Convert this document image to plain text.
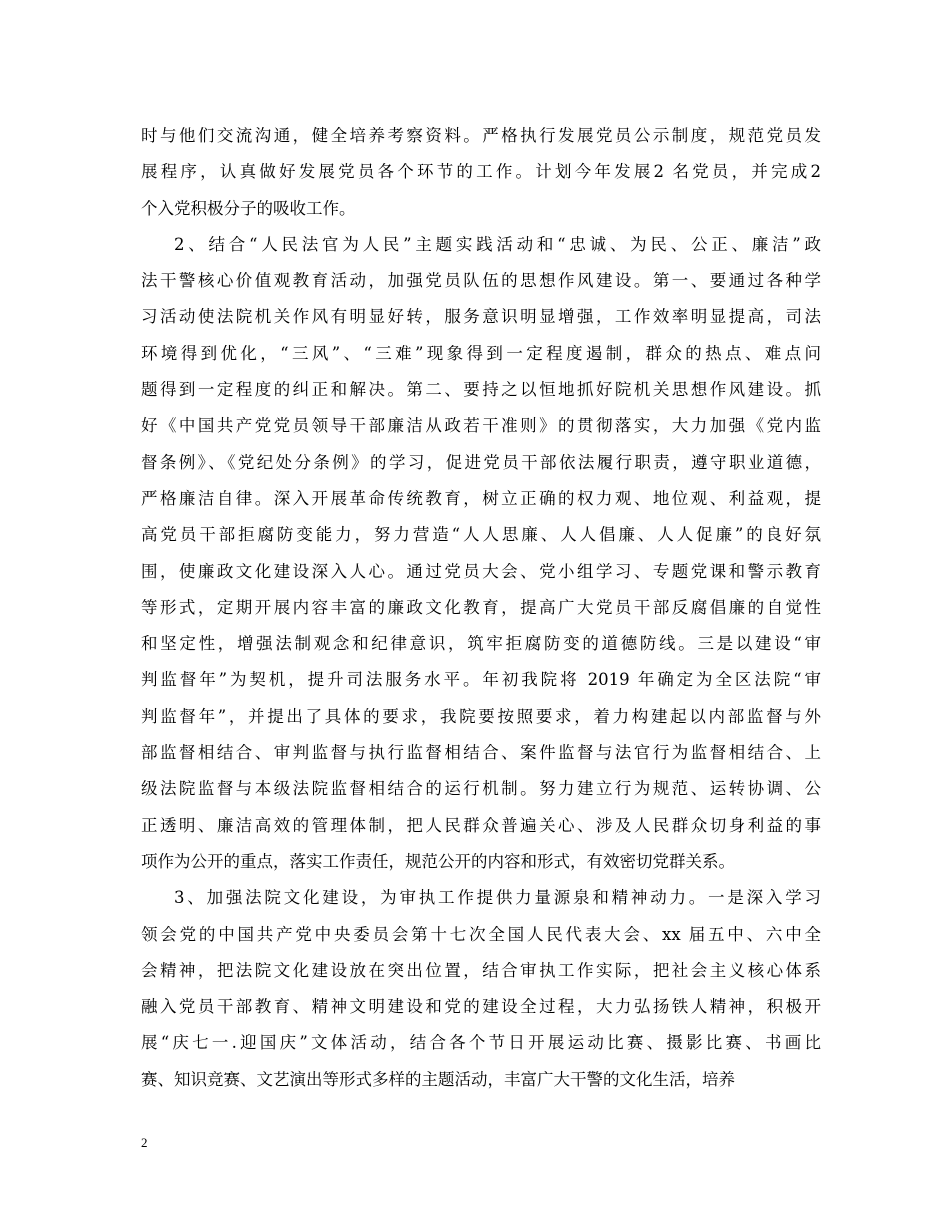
时与他们交流沟通，健全培养考察资料。严格执行发展党员公示制度，规范党员发
展程序，认真做好发展党员各个环节的工作。计划今年发展2 名党员，并完成2
个入党积极分子的吸收工作。
2、结合“人民法官为人民”主题实践活动和“忠诚、为民、公正、廉洁”政
法干警核心价值观教育活动，加强党员队伍的思想作风建设。第一、要通过各种学
习活动使法院机关作风有明显好转，服务意识明显增强，工作效率明显提高，司法
环境得到优化，“三风”、“三难”现象得到一定程度遏制，群众的热点、难点问
题得到一定程度的纠正和解决。第二、要持之以恒地抓好院机关思想作风建设。抓
好《中国共产党党员领导干部廉洁从政若干准则》的贯彻落实，大力加强《党内监
督条例》、《党纪处分条例》的学习，促进党员干部依法履行职责，遵守职业道德，
严格廉洁自律。深入开展革命传统教育，树立正确的权力观、地位观、利益观，提
高党员干部拒腐防变能力，努力营造“人人思廉、人人倡廉、人人促廉”的良好氛
围，使廉政文化建设深入人心。通过党员大会、党小组学习、专题党课和警示教育
等形式，定期开展内容丰富的廉政文化教育，提高广大党员干部反腐倡廉的自觉性
和坚定性，增强法制观念和纪律意识，筑牢拒腐防变的道德防线。三是以建设“审
判监督年”为契机，提升司法服务水平。年初我院将 2019 年确定为全区法院“审
判监督年”，并提出了具体的要求，我院要按照要求，着力构建起以内部监督与外
部监督相结合、审判监督与执行监督相结合、案件监督与法官行为监督相结合、上
级法院监督与本级法院监督相结合的运行机制。努力建立行为规范、运转协调、公
正透明、廉洁高效的管理体制，把人民群众普遍关心、涉及人民群众切身利益的事
项作为公开的重点，落实工作责任，规范公开的内容和形式，有效密切党群关系。
3、加强法院文化建设，为审执工作提供力量源泉和精神动力。一是深入学习
领会党的中国共产党中央委员会第十七次全国人民代表大会、xx 届五中、六中全
会精神，把法院文化建设放在突出位置，结合审执工作实际，把社会主义核心体系
融入党员干部教育、精神文明建设和党的建设全过程，大力弘扬铁人精神，积极开
展“庆七一.迎国庆”文体活动，结合各个节日开展运动比赛、摄影比赛、书画比
赛、知识竞赛、文艺演出等形式多样的主题活动，丰富广大干警的文化生活，培养
2
